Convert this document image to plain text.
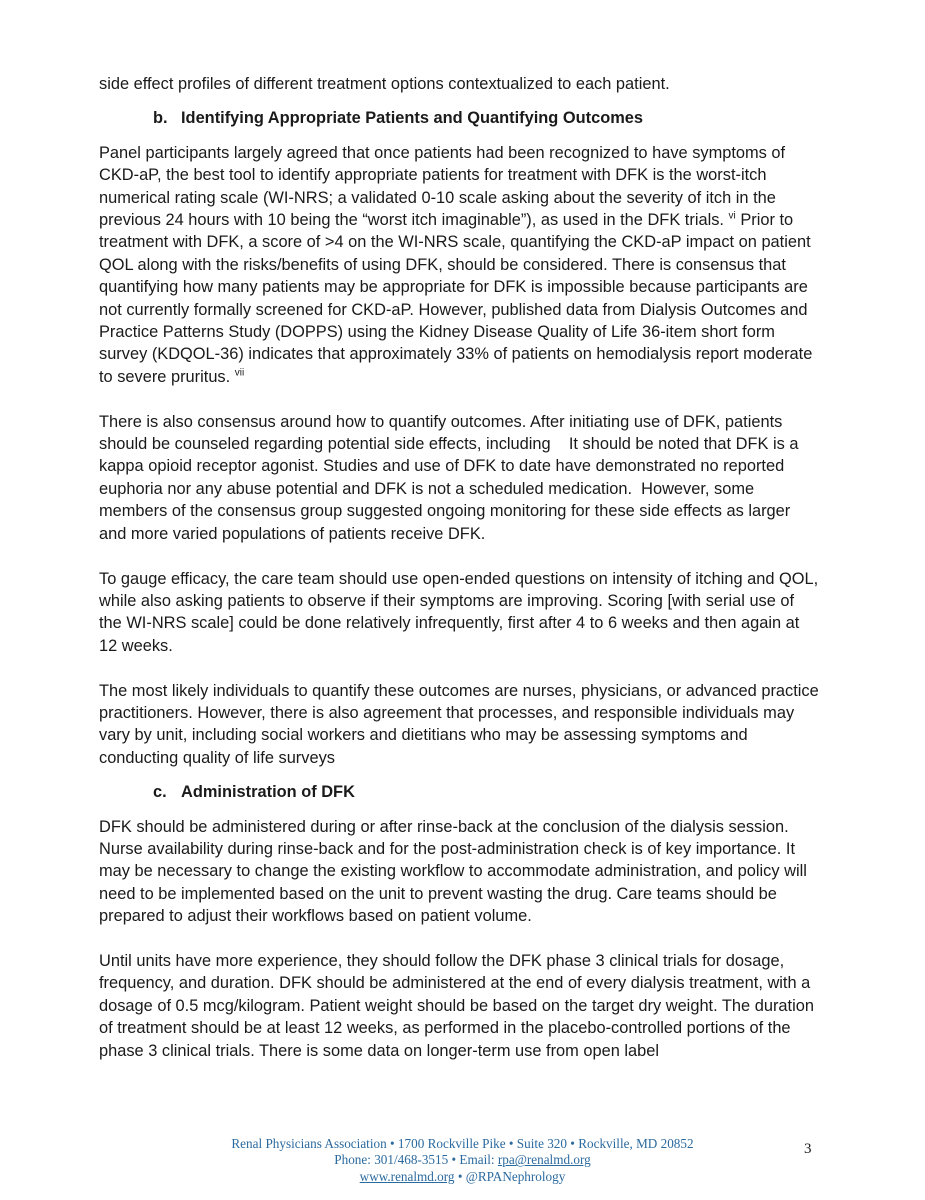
side effect profiles of different treatment options contextualized to each patient.

b. Identifying Appropriate Patients and Quantifying Outcomes

Panel participants largely agreed that once patients had been recognized to have symptoms of CKD-aP, the best tool to identify appropriate patients for treatment with DFK is the worst-itch numerical rating scale (WI-NRS; a validated 0-10 scale asking about the severity of itch in the previous 24 hours with 10 being the “worst itch imaginable”), as used in the DFK trials. $^{vi}$ Prior to treatment with DFK, a score of >4 on the WI-NRS scale, quantifying the CKD-aP impact on patient QOL along with the risks/benefits of using DFK, should be considered. There is consensus that quantifying how many patients may be appropriate for DFK is impossible because participants are not currently formally screened for CKD-aP. However, published data from Dialysis Outcomes and Practice Patterns Study (DOPPS) using the Kidney Disease Quality of Life 36-item short form survey (KDQOL-36) indicates that approximately 33% of patients on hemodialysis report moderate to severe pruritus. $^{vii}$

There is also consensus around how to quantify outcomes. After initiating use of DFK, patients should be counseled regarding potential side effects, including    It should be noted that DFK is a kappa opioid receptor agonist. Studies and use of DFK to date have demonstrated no reported euphoria nor any abuse potential and DFK is not a scheduled medication.  However, some members of the consensus group suggested ongoing monitoring for these side effects as larger and more varied populations of patients receive DFK.

To gauge efficacy, the care team should use open-ended questions on intensity of itching and QOL, while also asking patients to observe if their symptoms are improving. Scoring [with serial use of the WI-NRS scale] could be done relatively infrequently, first after 4 to 6 weeks and then again at 12 weeks.

The most likely individuals to quantify these outcomes are nurses, physicians, or advanced practice practitioners. However, there is also agreement that processes, and responsible individuals may vary by unit, including social workers and dietitians who may be assessing symptoms and conducting quality of life surveys

c. Administration of DFK

DFK should be administered during or after rinse-back at the conclusion of the dialysis session. Nurse availability during rinse-back and for the post-administration check is of key importance. It may be necessary to change the existing workflow to accommodate administration, and policy will need to be implemented based on the unit to prevent wasting the drug. Care teams should be prepared to adjust their workflows based on patient volume.

Until units have more experience, they should follow the DFK phase 3 clinical trials for dosage, frequency, and duration. DFK should be administered at the end of every dialysis treatment, with a dosage of 0.5 mcg/kilogram. Patient weight should be based on the target dry weight. The duration of treatment should be at least 12 weeks, as performed in the placebo-controlled portions of the phase 3 clinical trials. There is some data on longer-term use from open label

Renal Physicians Association • 1700 Rockville Pike • Suite 320 • Rockville, MD 20852
Phone: 301/468-3515 • Email: rpa@renalmd.org
www.renalmd.org • @RPANephrology
3
